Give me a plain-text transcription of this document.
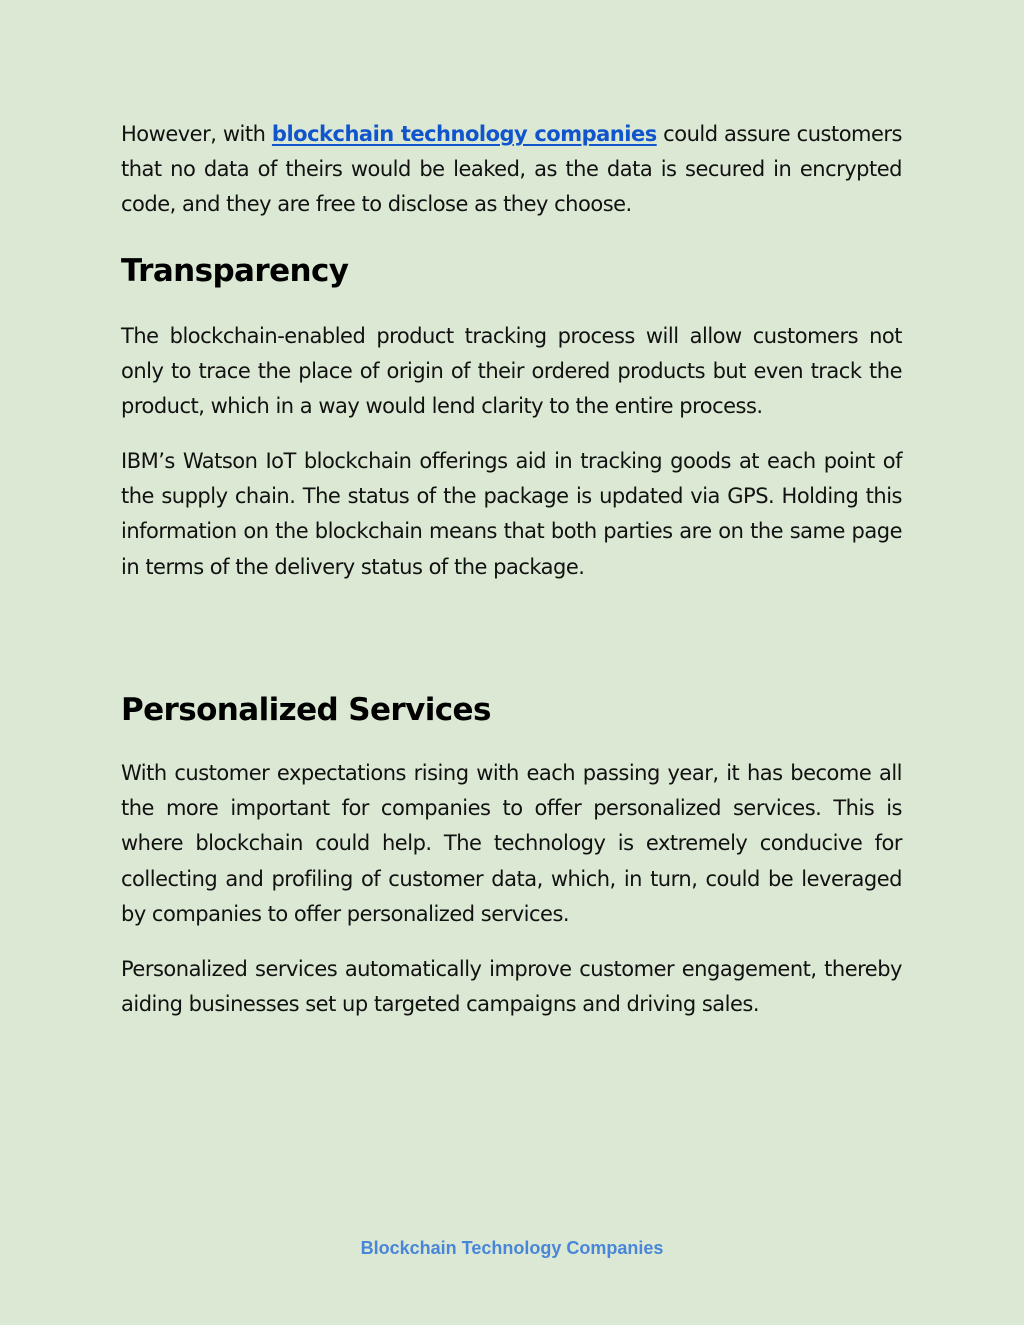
However, with blockchain technology companies could assure customers that no data of theirs would be leaked, as the data is secured in encrypted code, and they are free to disclose as they choose.

Transparency

The blockchain-enabled product tracking process will allow customers not only to trace the place of origin of their ordered products but even track the product, which in a way would lend clarity to the entire process.

IBM’s Watson IoT blockchain offerings aid in tracking goods at each point of the supply chain. The status of the package is updated via GPS. Holding this information on the blockchain means that both parties are on the same page in terms of the delivery status of the package.

Personalized Services

With customer expectations rising with each passing year, it has become all the more important for companies to offer personalized services. This is where blockchain could help. The technology is extremely conducive for collecting and profiling of customer data, which, in turn, could be leveraged by companies to offer personalized services.

Personalized services automatically improve customer engagement, thereby aiding businesses set up targeted campaigns and driving sales.

Blockchain Technology Companies
